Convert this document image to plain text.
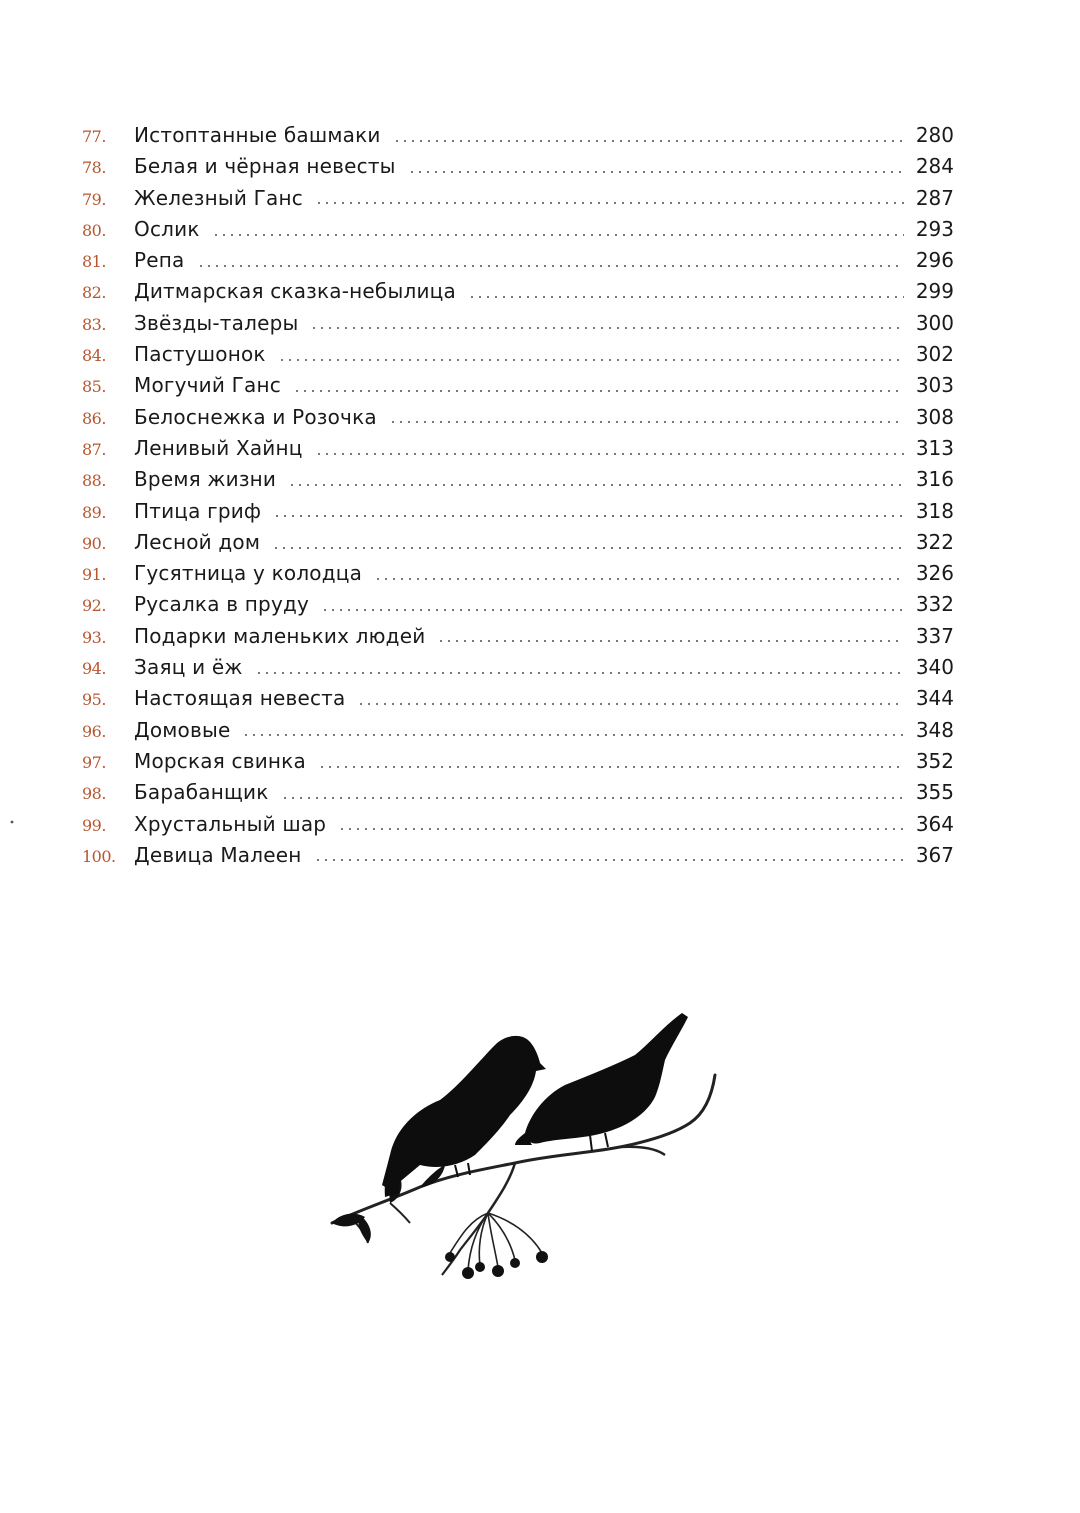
77.	Истоптанные башмаки	280
78.	Белая и чёрная невесты	284
79.	Железный Ганс	287
80.	Ослик	293
81.	Репа	296
82.	Дитмарская сказка-небылица	299
83.	Звёзды-талеры	300
84.	Пастушонок	302
85.	Могучий Ганс	303
86.	Белоснежка и Розочка	308
87.	Ленивый Хайнц	313
88.	Время жизни	316
89.	Птица гриф	318
90.	Лесной дом	322
91.	Гусятница у колодца	326
92.	Русалка в пруду	332
93.	Подарки маленьких людей	337
94.	Заяц и ёж	340
95.	Настоящая невеста	344
96.	Домовые	348
97.	Морская свинка	352
98.	Барабанщик	355
99.	Хрустальный шар	364
100. Девица Малеен	367
